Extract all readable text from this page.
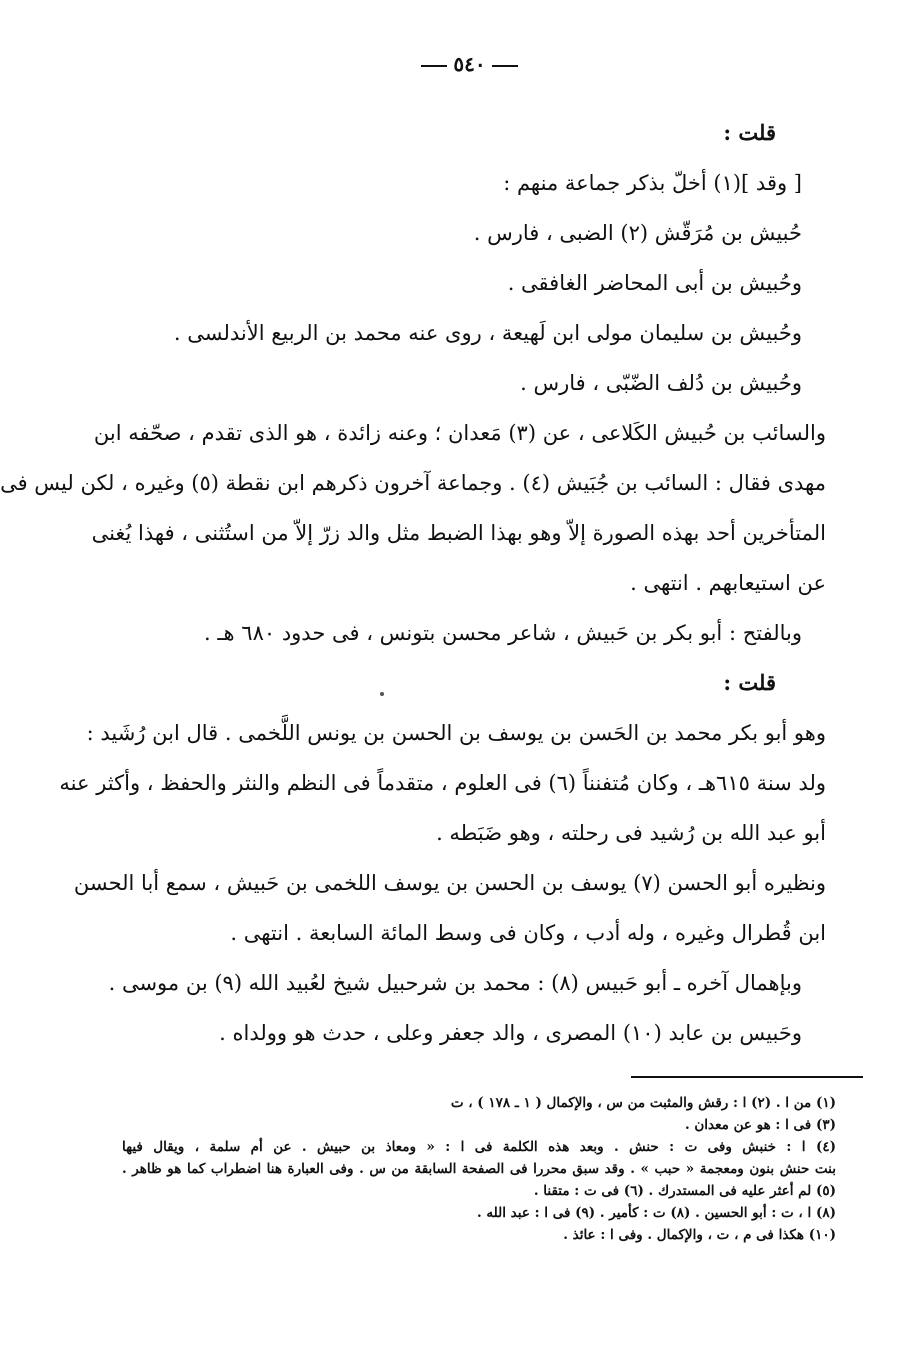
٥٤٠
قلت :
[ وقد ](١) أخلّ بذكر جماعة منهم :
حُبيش بن مُرَقّش (٢) الضبى ، فارس .
وحُبيش بن أبى المحاضر الغافقى .
وحُبيش بن سليمان مولى ابن لَهيعة ، روى عنه محمد بن الربيع الأندلسى .
وحُبيش بن دُلف الضّبّى ، فارس .
والسائب بن حُبيش الكَلاعى ، عن (٣) مَعدان ؛ وعنه زائدة ، هو الذى تقدم ، صحّفه ابن
مهدى فقال : السائب بن جُبَيش (٤) . وجماعة آخرون ذكرهم ابن نقطة (٥) وغيره ، لكن ليس فى
المتأخرين أحد بهذه الصورة إلاّ وهو بهذا الضبط مثل والد زرّ إلاّ من استُثنى ، فهذا يُغنى
عن استيعابهم . انتهى .
وبالفتح : أبو بكر بن حَبيش ، شاعر محسن بتونس ، فى حدود ٦٨٠ هـ .
قلت :
وهو أبو بكر محمد بن الحَسن بن يوسف بن الحسن بن يونس اللَّخمى . قال ابن رُشَيد :
ولد سنة ٦١٥هـ ، وكان مُتفنناً (٦) فى العلوم ، متقدماً فى النظم والنثر والحفظ ، وأكثر عنه
أبو عبد الله بن رُشيد فى رحلته ، وهو ضَبَطه .
ونظيره أبو الحسن (٧) يوسف بن الحسن بن يوسف اللخمى بن حَبيش ، سمع أبا الحسن
ابن قُطرال وغيره ، وله أدب ، وكان فى وسط المائة السابعة . انتهى .
وبإهمال آخره ـ أبو حَبيس (٨) : محمد بن شرحبيل شيخ لعُبيد الله (٩) بن موسى .
وحَبيس بن عابد (١٠) المصرى ، والد جعفر وعلى ، حدث هو وولداه .
(١) من ا . (٢) ا : رقش والمثبت من س ، والإكمال ( ١ ـ ١٧٨ ) ، ت
(٣) فى ا : هو عن معدان .
(٤) ا : خنبش وفى ت : حنش . وبعد هذه الكلمة فى ا : « ومعاذ بن حبيش . عن أم سلمة ، ويقال فيها
بنت حنش بنون ومعجمة « حبب » . وقد سبق محررا فى الصفحة السابقة من س . وفى العبارة هنا اضطراب كما هو ظاهر .
(٥) لم أعثر عليه فى المستدرك . (٦) فى ت : متقنا .
(٨) ا ، ت : أبو الحسين . (٨) ت : كأمير . (٩) فى ا : عبد الله .
(١٠) هكذا فى م ، ت ، والإكمال . وفى ا : عائذ .
